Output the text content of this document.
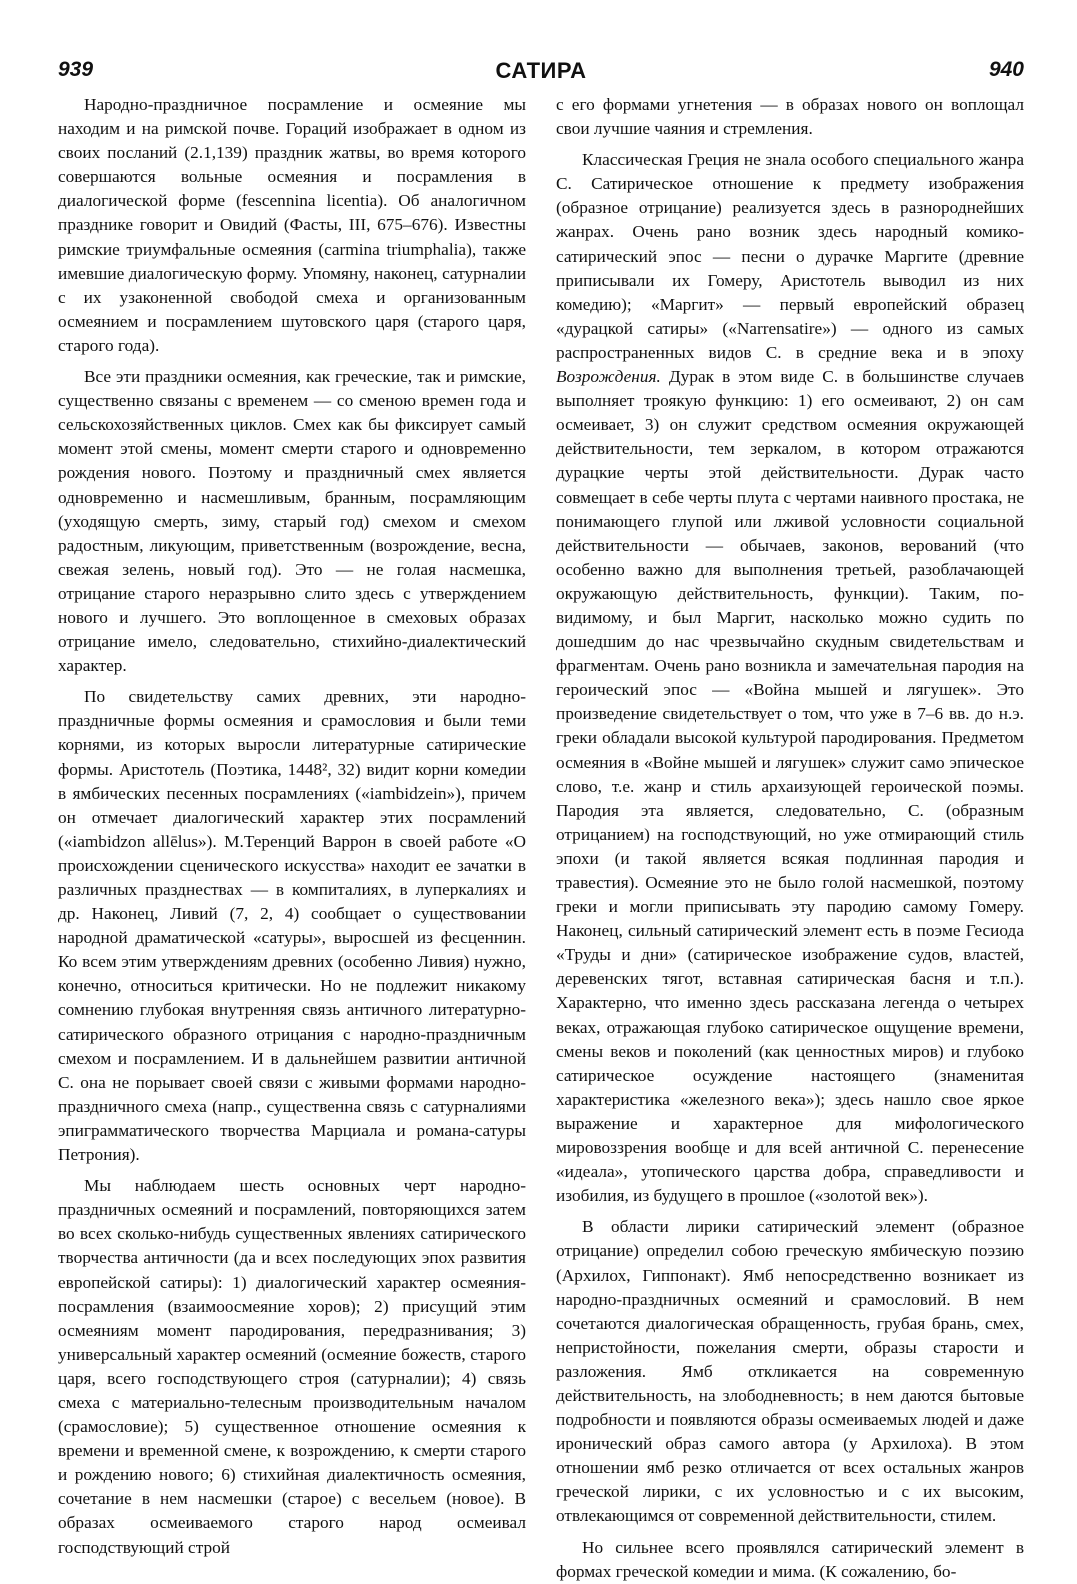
939	САТИРА	940

Народно-праздничное посрамление и осмеяние мы находим и на римской почве. Гораций изображает в одном из своих посланий (2.1,139) праздник жатвы, во время которого совершаются вольные осмеяния и посрамления в диалогической форме (fescennina licentia). Об аналогичном празднике говорит и Овидий (Фасты, III, 675–676). Известны римские триумфальные осмеяния (carmina triumphalia), также имевшие диалогическую форму. Упомяну, наконец, сатурналии с их узаконенной свободой смеха и организованным осмеянием и посрамлением шутовского царя (старого царя, старого года).

Все эти праздники осмеяния, как греческие, так и римские, существенно связаны с временем — со сменою времен года и сельскохозяйственных циклов. Смех как бы фиксирует самый момент этой смены, момент смерти старого и одновременно рождения нового. Поэтому и праздничный смех является одновременно и насмешливым, бранным, посрамляющим (уходящую смерть, зиму, старый год) смехом и смехом радостным, ликующим, приветственным (возрождение, весна, свежая зелень, новый год). Это — не голая насмешка, отрицание старого неразрывно слито здесь с утверждением нового и лучшего. Это воплощенное в смеховых образах отрицание имело, следовательно, стихийно-диалектический характер.

По свидетельству самих древних, эти народно-праздничные формы осмеяния и срамословия и были теми корнями, из которых выросли литературные сатирические формы. Аристотель (Поэтика, 1448², 32) видит корни комедии в ямбических песенных посрамлениях («iambidzein»), причем он отмечает диалогический характер этих посрамлений («iambidzon allēlus»). М.Теренций Варрон в своей работе «О происхождении сценического искусства» находит ее зачатки в различных празднествах — в компиталиях, в луперкалиях и др. Наконец, Ливий (7, 2, 4) сообщает о существовании народной драматической «сатуры», выросшей из фесценнин. Ко всем этим утверждениям древних (особенно Ливия) нужно, конечно, относиться критически. Но не подлежит никакому сомнению глубокая внутренняя связь античного литературно-сатирического образного отрицания с народно-праздничным смехом и посрамлением. И в дальнейшем развитии античной С. она не порывает своей связи с живыми формами народно-праздничного смеха (напр., существенна связь с сатурналиями эпиграмматического творчества Марциала и романа-сатуры Петрония).

Мы наблюдаем шесть основных черт народно-праздничных осмеяний и посрамлений, повторяющихся затем во всех сколько-нибудь существенных явлениях сатирического творчества античности (да и всех последующих эпох развития европейской сатиры): 1) диалогический характер осмеяния-посрамления (взаимоосмеяние хоров); 2) присущий этим осмеяниям момент пародирования, передразнивания; 3) универсальный характер осмеяний (осмеяние божеств, старого царя, всего господствующего строя (сатурналии); 4) связь смеха с материально-телесным производительным началом (срамословие); 5) существенное отношение осмеяния к времени и временной смене, к возрождению, к смерти старого и рождению нового; 6) стихийная диалектичность осмеяния, сочетание в нем насмешки (старое) с весельем (новое). В образах осмеиваемого старого народ осмеивал господствующий строй

с его формами угнетения — в образах нового он воплощал свои лучшие чаяния и стремления.

Классическая Греция не знала особого специального жанра С. Сатирическое отношение к предмету изображения (образное отрицание) реализуется здесь в разнороднейших жанрах. Очень рано возник здесь народный комико-сатирический эпос — песни о дурачке Маргите (древние приписывали их Гомеру, Аристотель выводил из них комедию); «Маргит» — первый европейский образец «дурацкой сатиры» («Narrensatire») — одного из самых распространенных видов С. в средние века и в эпоху Возрождения. Дурак в этом виде С. в большинстве случаев выполняет троякую функцию: 1) его осмеивают, 2) он сам осмеивает, 3) он служит средством осмеяния окружающей действительности, тем зеркалом, в котором отражаются дурацкие черты этой действительности. Дурак часто совмещает в себе черты плута с чертами наивного простака, не понимающего глупой или лживой условности социальной действительности — обычаев, законов, верований (что особенно важно для выполнения третьей, разоблачающей окружающую действительность, функции). Таким, по-видимому, и был Маргит, насколько можно судить по дошедшим до нас чрезвычайно скудным свидетельствам и фрагментам. Очень рано возникла и замечательная пародия на героический эпос — «Война мышей и лягушек». Это произведение свидетельствует о том, что уже в 7–6 вв. до н.э. греки обладали высокой культурой пародирования. Предметом осмеяния в «Войне мышей и лягушек» служит само эпическое слово, т.е. жанр и стиль архаизующей героической поэмы. Пародия эта является, следовательно, С. (образным отрицанием) на господствующий, но уже отмирающий стиль эпохи (и такой является всякая подлинная пародия и травестия). Осмеяние это не было голой насмешкой, поэтому греки и могли приписывать эту пародию самому Гомеру. Наконец, сильный сатирический элемент есть в поэме Гесиода «Труды и дни» (сатирическое изображение судов, властей, деревенских тягот, вставная сатирическая басня и т.п.). Характерно, что именно здесь рассказана легенда о четырех веках, отражающая глубоко сатирическое ощущение времени, смены веков и поколений (как ценностных миров) и глубоко сатирическое осуждение настоящего (знаменитая характеристика «железного века»); здесь нашло свое яркое выражение и характерное для мифологического мировоззрения вообще и для всей античной С. перенесение «идеала», утопического царства добра, справедливости и изобилия, из будущего в прошлое («золотой век»).

В области лирики сатирический элемент (образное отрицание) определил собою греческую ямбическую поэзию (Архилох, Гиппонакт). Ямб непосредственно возникает из народно-праздничных осмеяний и срамословий. В нем сочетаются диалогическая обращенность, грубая брань, смех, непристойности, пожелания смерти, образы старости и разложения. Ямб откликается на современную действительность, на злободневность; в нем даются бытовые подробности и появляются образы осмеиваемых людей и даже иронический образ самого автора (у Архилоха). В этом отношении ямб резко отличается от всех остальных жанров греческой лирики, с их условностью и с их высоким, отвлекающимся от современной действительности, стилем.

Но сильнее всего проявлялся сатирический элемент в формах греческой комедии и мима. (К сожалению, бо -
